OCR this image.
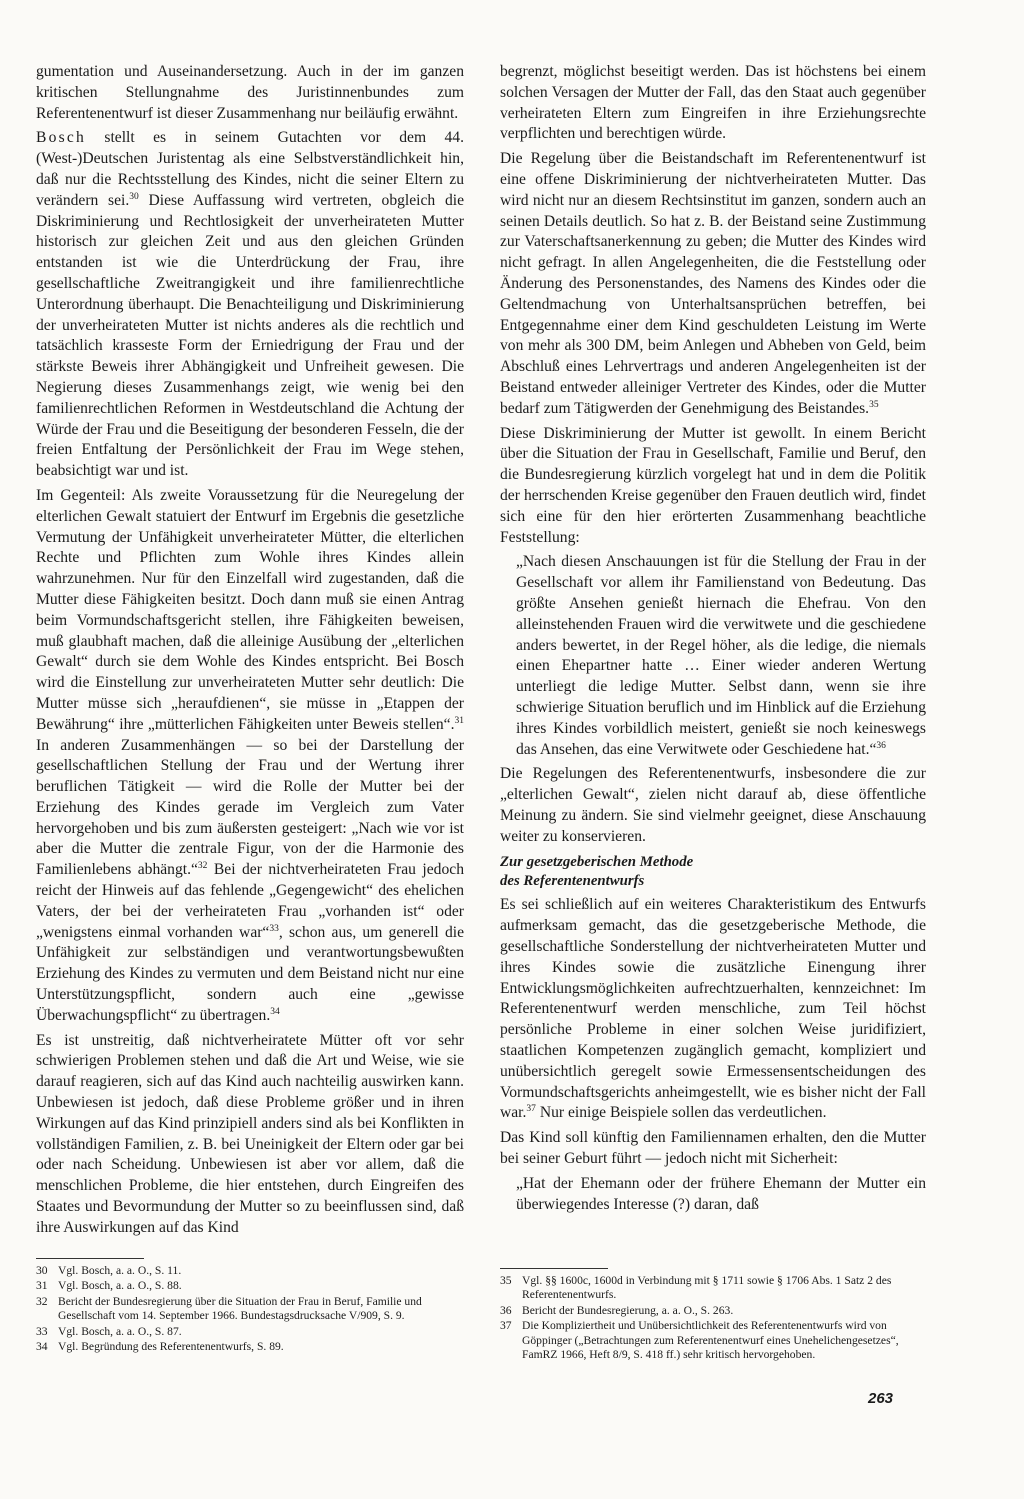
gumentation und Auseinandersetzung. Auch in der im ganzen kritischen Stellungnahme des Juristinnenbundes zum Referentenentwurf ist dieser Zusammenhang nur beiläufig erwähnt.

Bosch stellt es in seinem Gutachten vor dem 44. (West-)Deutschen Juristentag als eine Selbstverständlichkeit hin, daß nur die Rechtsstellung des Kindes, nicht die seiner Eltern zu verändern sei.$^{30}$ Diese Auffassung wird vertreten, obgleich die Diskriminierung und Rechtlosigkeit der unverheirateten Mutter historisch zur gleichen Zeit und aus den gleichen Gründen entstanden ist wie die Unterdrückung der Frau, ihre gesellschaftliche Zweitrangigkeit und ihre familienrechtliche Unterordnung überhaupt. Die Benachteiligung und Diskriminierung der unverheirateten Mutter ist nichts anderes als die rechtlich und tatsächlich krasseste Form der Erniedrigung der Frau und der stärkste Beweis ihrer Abhängigkeit und Unfreiheit gewesen. Die Negierung dieses Zusammenhangs zeigt, wie wenig bei den familienrechtlichen Reformen in Westdeutschland die Achtung der Würde der Frau und die Beseitigung der besonderen Fesseln, die der freien Entfaltung der Persönlichkeit der Frau im Wege stehen, beabsichtigt war und ist.

Im Gegenteil: Als zweite Voraussetzung für die Neuregelung der elterlichen Gewalt statuiert der Entwurf im Ergebnis die gesetzliche Vermutung der Unfähigkeit unverheirateter Mütter, die elterlichen Rechte und Pflichten zum Wohle ihres Kindes allein wahrzunehmen. Nur für den Einzelfall wird zugestanden, daß die Mutter diese Fähigkeiten besitzt. Doch dann muß sie einen Antrag beim Vormundschaftsgericht stellen, ihre Fähigkeiten beweisen, muß glaubhaft machen, daß die alleinige Ausübung der „elterlichen Gewalt“ durch sie dem Wohle des Kindes entspricht. Bei Bosch wird die Einstellung zur unverheirateten Mutter sehr deutlich: Die Mutter müsse sich „heraufdienen“, sie müsse in „Etappen der Bewährung“ ihre „mütterlichen Fähigkeiten unter Beweis stellen“.$^{31}$ In anderen Zusammenhängen — so bei der Darstellung der gesellschaftlichen Stellung der Frau und der Wertung ihrer beruflichen Tätigkeit — wird die Rolle der Mutter bei der Erziehung des Kindes gerade im Vergleich zum Vater hervorgehoben und bis zum äußersten gesteigert: „Nach wie vor ist aber die Mutter die zentrale Figur, von der die Harmonie des Familienlebens abhängt.“$^{32}$ Bei der nichtverheirateten Frau jedoch reicht der Hinweis auf das fehlende „Gegengewicht“ des ehelichen Vaters, der bei der verheirateten Frau „vorhanden ist“ oder „wenigstens einmal vorhanden war“$^{33}$, schon aus, um generell die Unfähigkeit zur selbständigen und verantwortungsbewußten Erziehung des Kindes zu vermuten und dem Beistand nicht nur eine Unterstützungspflicht, sondern auch eine „gewisse Überwachungspflicht“ zu übertragen.$^{34}$

Es ist unstreitig, daß nichtverheiratete Mütter oft vor sehr schwierigen Problemen stehen und daß die Art und Weise, wie sie darauf reagieren, sich auf das Kind auch nachteilig auswirken kann. Unbewiesen ist jedoch, daß diese Probleme größer und in ihren Wirkungen auf das Kind prinzipiell anders sind als bei Konflikten in vollständigen Familien, z. B. bei Uneinigkeit der Eltern oder gar bei oder nach Scheidung. Unbewiesen ist aber vor allem, daß die menschlichen Probleme, die hier entstehen, durch Eingreifen des Staates und Bevormundung der Mutter so zu beeinflussen sind, daß ihre Auswirkungen auf das Kind

begrenzt, möglichst beseitigt werden. Das ist höchstens bei einem solchen Versagen der Mutter der Fall, das den Staat auch gegenüber verheirateten Eltern zum Eingreifen in ihre Erziehungsrechte verpflichten und berechtigen würde.

Die Regelung über die Beistandschaft im Referentenentwurf ist eine offene Diskriminierung der nichtverheirateten Mutter. Das wird nicht nur an diesem Rechtsinstitut im ganzen, sondern auch an seinen Details deutlich. So hat z. B. der Beistand seine Zustimmung zur Vaterschaftsanerkennung zu geben; die Mutter des Kindes wird nicht gefragt. In allen Angelegenheiten, die die Feststellung oder Änderung des Personenstandes, des Namens des Kindes oder die Geltendmachung von Unterhaltsansprüchen betreffen, bei Entgegennahme einer dem Kind geschuldeten Leistung im Werte von mehr als 300 DM, beim Anlegen und Abheben von Geld, beim Abschluß eines Lehrvertrags und anderen Angelegenheiten ist der Beistand entweder alleiniger Vertreter des Kindes, oder die Mutter bedarf zum Tätigwerden der Genehmigung des Beistandes.$^{35}$

Diese Diskriminierung der Mutter ist gewollt. In einem Bericht über die Situation der Frau in Gesellschaft, Familie und Beruf, den die Bundesregierung kürzlich vorgelegt hat und in dem die Politik der herrschenden Kreise gegenüber den Frauen deutlich wird, findet sich eine für den hier erörterten Zusammenhang beachtliche Feststellung:

„Nach diesen Anschauungen ist für die Stellung der Frau in der Gesellschaft vor allem ihr Familienstand von Bedeutung. Das größte Ansehen genießt hiernach die Ehefrau. Von den alleinstehenden Frauen wird die verwitwete und die geschiedene anders bewertet, in der Regel höher, als die ledige, die niemals einen Ehepartner hatte … Einer wieder anderen Wertung unterliegt die ledige Mutter. Selbst dann, wenn sie ihre schwierige Situation beruflich und im Hinblick auf die Erziehung ihres Kindes vorbildlich meistert, genießt sie noch keineswegs das Ansehen, das eine Verwitwete oder Geschiedene hat.“$^{36}$

Die Regelungen des Referentenentwurfs, insbesondere die zur „elterlichen Gewalt“, zielen nicht darauf ab, diese öffentliche Meinung zu ändern. Sie sind vielmehr geeignet, diese Anschauung weiter zu konservieren.

Zur gesetzgeberischen Methode
des Referentenentwurfs

Es sei schließlich auf ein weiteres Charakteristikum des Entwurfs aufmerksam gemacht, das die gesetzgeberische Methode, die gesellschaftliche Sonderstellung der nichtverheirateten Mutter und ihres Kindes sowie die zusätzliche Einengung ihrer Entwicklungsmöglichkeiten aufrechtzuerhalten, kennzeichnet: Im Referentenentwurf werden menschliche, zum Teil höchst persönliche Probleme in einer solchen Weise juridifiziert, staatlichen Kompetenzen zugänglich gemacht, kompliziert und unübersichtlich geregelt sowie Ermessensentscheidungen des Vormundschaftsgerichts anheimgestellt, wie es bisher nicht der Fall war.$^{37}$ Nur einige Beispiele sollen das verdeutlichen.

Das Kind soll künftig den Familiennamen erhalten, den die Mutter bei seiner Geburt führt — jedoch nicht mit Sicherheit:

„Hat der Ehemann oder der frühere Ehemann der Mutter ein überwiegendes Interesse (?) daran, daß

30 Vgl. Bosch, a. a. O., S. 11.
31 Vgl. Bosch, a. a. O., S. 88.
32 Bericht der Bundesregierung über die Situation der Frau in Beruf, Familie und Gesellschaft vom 14. September 1966. Bundestagsdrucksache V/909, S. 9.
33 Vgl. Bosch, a. a. O., S. 87.
34 Vgl. Begründung des Referentenentwurfs, S. 89.
35 Vgl. §§ 1600c, 1600d in Verbindung mit § 1711 sowie § 1706 Abs. 1 Satz 2 des Referentenentwurfs.
36 Bericht der Bundesregierung, a. a. O., S. 263.
37 Die Kompliziertheit und Unübersichtlichkeit des Referentenentwurfs wird von Göppinger („Betrachtungen zum Referentenentwurf eines Unehelichengesetzes“, FamRZ 1966, Heft 8/9, S. 418 ff.) sehr kritisch hervorgehoben.
263
